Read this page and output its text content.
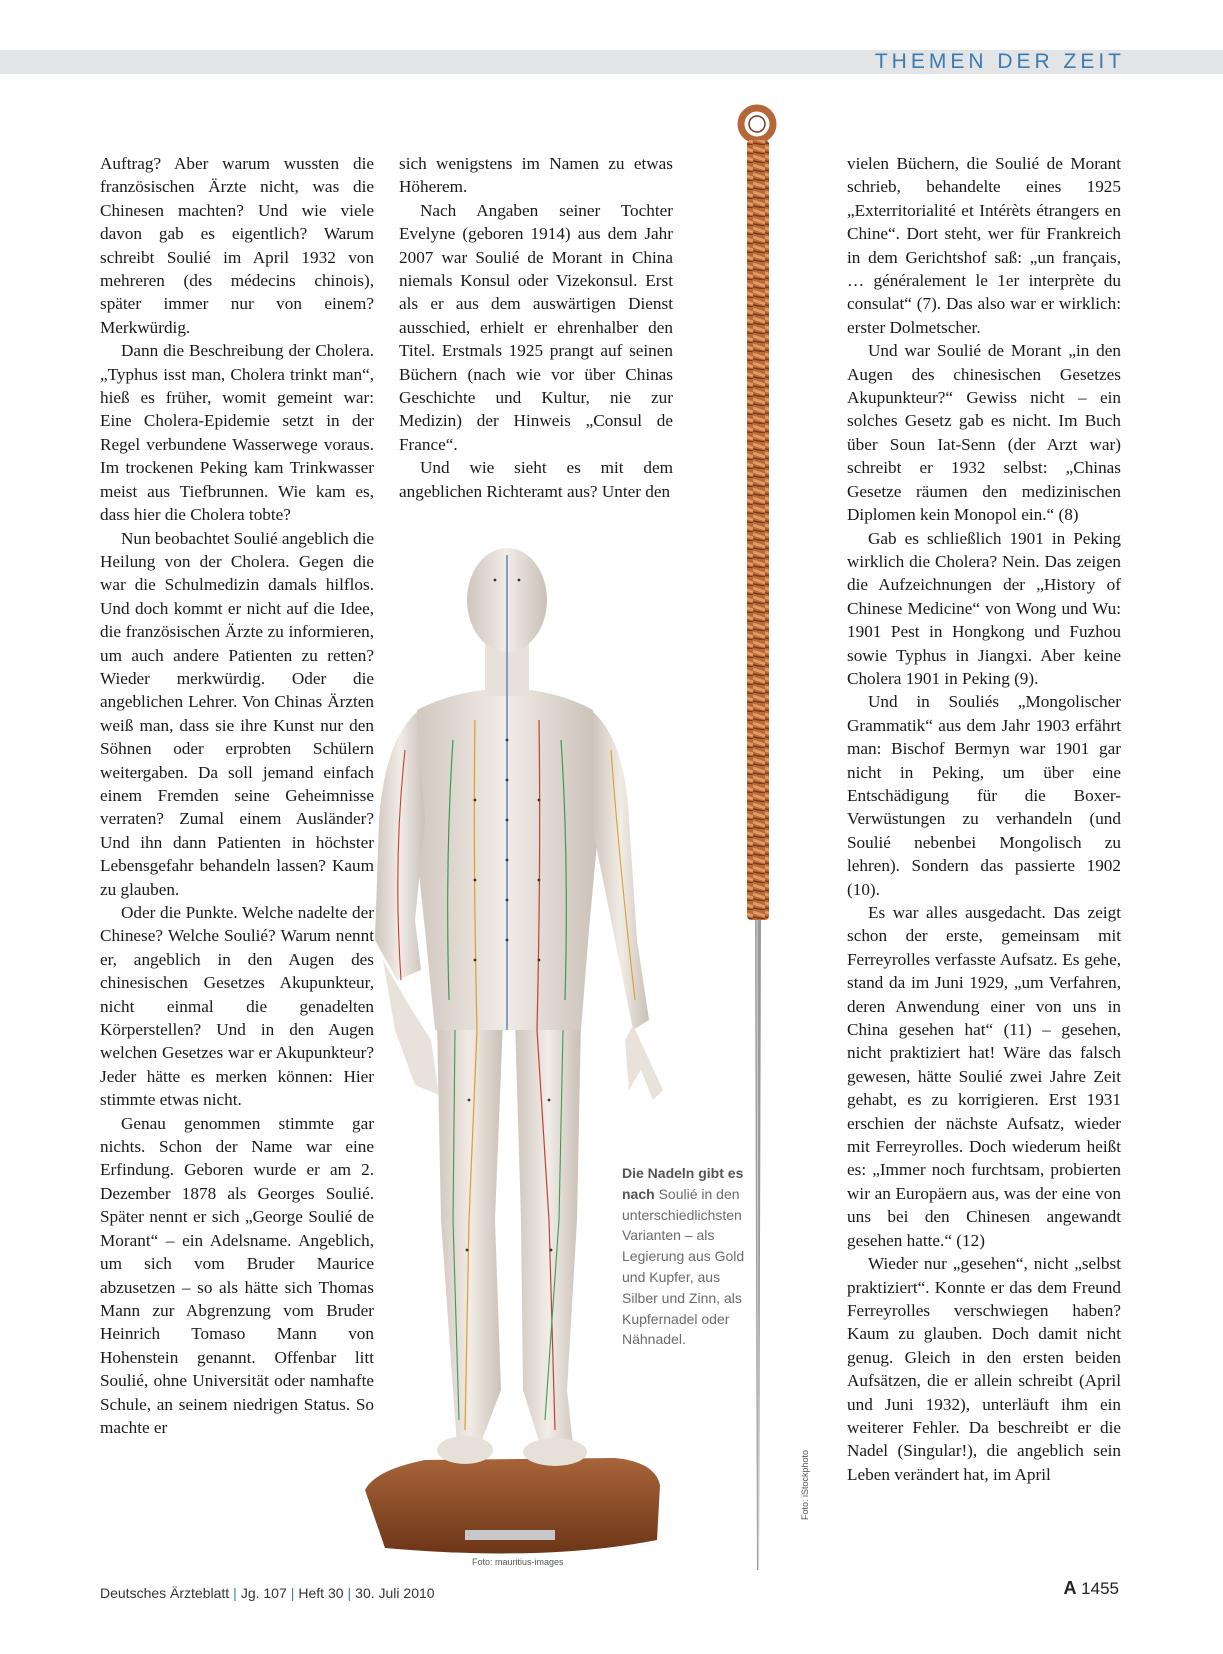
THEMEN DER ZEIT

Auftrag? Aber warum wussten die französischen Ärzte nicht, was die Chinesen machten? Und wie viele davon gab es eigentlich? Warum schreibt Soulié im April 1932 von mehreren (des médecins chinois), später immer nur von einem? Merkwürdig.

Dann die Beschreibung der Cholera. „Typhus isst man, Cholera trinkt man“, hieß es früher, womit gemeint war: Eine Cholera-Epidemie setzt in der Regel verbundene Wasserwege voraus. Im trockenen Peking kam Trinkwasser meist aus Tiefbrunnen. Wie kam es, dass hier die Cholera tobte?

Nun beobachtet Soulié angeblich die Heilung von der Cholera. Gegen die war die Schulmedizin damals hilflos. Und doch kommt er nicht auf die Idee, die französischen Ärzte zu informieren, um auch andere Patienten zu retten? Wieder merkwürdig. Oder die angeblichen Lehrer. Von Chinas Ärzten weiß man, dass sie ihre Kunst nur den Söhnen oder erprobten Schülern weitergaben. Da soll jemand einfach einem Fremden seine Geheimnisse verraten? Zumal einem Ausländer? Und ihn dann Patienten in höchster Lebensgefahr behandeln lassen? Kaum zu glauben.

Oder die Punkte. Welche nadelte der Chinese? Welche Soulié? Warum nennt er, angeblich in den Augen des chinesischen Gesetzes Akupunkteur, nicht einmal die genadelten Körperstellen? Und in den Augen welchen Gesetzes war er Akupunkteur? Jeder hätte es merken können: Hier stimmte etwas nicht.

Genau genommen stimmte gar nichts. Schon der Name war eine Erfindung. Geboren wurde er am 2. Dezember 1878 als Georges Soulié. Später nennt er sich „George Soulié de Morant“ – ein Adelsname. Angeblich, um sich vom Bruder Maurice abzusetzen – so als hätte sich Thomas Mann zur Abgrenzung vom Bruder Heinrich Tomaso Mann von Hohenstein genannt. Offenbar litt Soulié, ohne Universität oder namhafte Schule, an seinem niedrigen Status. So machte er

sich wenigstens im Namen zu etwas Höherem.

Nach Angaben seiner Tochter Evelyne (geboren 1914) aus dem Jahr 2007 war Soulié de Morant in China niemals Konsul oder Vizekonsul. Erst als er aus dem auswärtigen Dienst ausschied, erhielt er ehrenhalber den Titel. Erstmals 1925 prangt auf seinen Büchern (nach wie vor über Chinas Geschichte und Kultur, nie zur Medizin) der Hinweis „Consul de France“.

Und wie sieht es mit dem angeblichen Richteramt aus? Unter den

vielen Büchern, die Soulié de Morant schrieb, behandelte eines 1925 „Exterritorialité et Intérèts étrangers en Chine“. Dort steht, wer für Frankreich in dem Gerichtshof saß: „un français, … généralement le 1er interprète du consulat“ (7). Das also war er wirklich: erster Dolmetscher.

Und war Soulié de Morant „in den Augen des chinesischen Gesetzes Akupunkteur?“ Gewiss nicht – ein solches Gesetz gab es nicht. Im Buch über Soun Iat-Senn (der Arzt war) schreibt er 1932 selbst: „Chinas Gesetze räumen den medizinischen Diplomen kein Monopol ein.“ (8)

Gab es schließlich 1901 in Peking wirklich die Cholera? Nein. Das zeigen die Aufzeichnungen der „History of Chinese Medicine“ von Wong und Wu: 1901 Pest in Hongkong und Fuzhou sowie Typhus in Jiangxi. Aber keine Cholera 1901 in Peking (9).

Und in Souliés „Mongolischer Grammatik“ aus dem Jahr 1903 erfährt man: Bischof Bermyn war 1901 gar nicht in Peking, um über eine Entschädigung für die Boxer-Verwüstungen zu verhandeln (und Soulié nebenbei Mongolisch zu lehren). Sondern das passierte 1902 (10).

Es war alles ausgedacht. Das zeigt schon der erste, gemeinsam mit Ferreyrolles verfasste Aufsatz. Es gehe, stand da im Juni 1929, „um Verfahren, deren Anwendung einer von uns in China gesehen hat“ (11) – gesehen, nicht praktiziert hat! Wäre das falsch gewesen, hätte Soulié zwei Jahre Zeit gehabt, es zu korrigieren. Erst 1931 erschien der nächste Aufsatz, wieder mit Ferreyrolles. Doch wiederum heißt es: „Immer noch furchtsam, probierten wir an Europäern aus, was der eine von uns bei den Chinesen angewandt gesehen hatte.“ (12)

Wieder nur „gesehen“, nicht „selbst praktiziert“. Konnte er das dem Freund Ferreyrolles verschwiegen haben? Kaum zu glauben. Doch damit nicht genug. Gleich in den ersten beiden Aufsätzen, die er allein schreibt (April und Juni 1932), unterläuft ihm ein weiterer Fehler. Da beschreibt er die Nadel (Singular!), die angeblich sein Leben verändert hat, im April

Die Nadeln gibt es nach Soulié in den unterschiedlichsten Varianten – als Legierung aus Gold und Kupfer, aus Silber und Zinn, als Kupfernadel oder Nähnadel.
Foto: mauritius-images
Foto: iStockphoto
Deutsches Ärzteblatt | Jg. 107 | Heft 30 | 30. Juli 2010	A 1455
